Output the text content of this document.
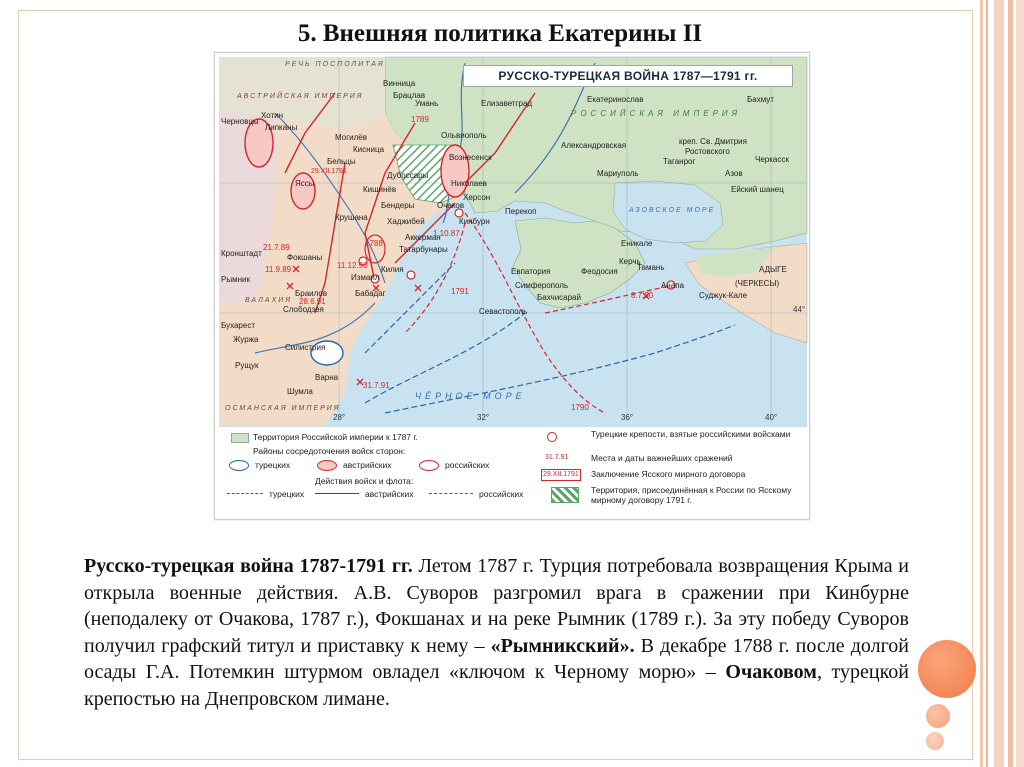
5. Внешняя политика Екатерины II
РУССКО-ТУРЕЦКАЯ ВОЙНА 1787—1791 гг.
Черновцы
Хотин
Липканы
Брацлав
Винница
Могилёв
Умань
Ольвиополь
Кисница
Бельцы
Елизаветград	Екатеринослав	Бахмут
Вознесенск
Александровская	креп. Св. Дмитрия
Ростовского
Черкасск
Таганрог
Мариуполь	Азов
Дубоссары
Яссы
Кишинёв
Бендеры
Николаев
Херсон
Очаков
Кинбурн
Перекоп
Ейский шанец
Крушана Хаджибей
Аккерман
Татарбунары
Кронштадт	Фокшаны
Рымник	Измаил
Килия
Браилов	Бабадаг
Слободзея
Бухарест
Журжа
Силистрия
Рущук
Варна
Шумла
Евпатория
Симферополь
Бахчисарай
Севастополь
Феодосия
Керчь
Еникале
Тамань
Анапа
Суджук-Кале
(ЧЕРКЕСЫ)
АДЫГЕ
ЧЁРНОЕ МОРЕ
АЗОВСКОЕ МОРЕ
РОССИЙСКАЯ ИМПЕРИЯ
АВСТРИЙСКАЯ ИМПЕРИЯ
ОСМАНСКАЯ ИМПЕРИЯ
РЕЧЬ ПОСПОЛИТАЯ
ВАЛАХИЯ
1789
1788
1791
1790
31.7.91
8.7.90
29.XII.1791
21.7.89
11.9.89	11.12.90
28.6.91
1.10.87
28°	32°	36°	40°
44°
Территория Российской империи к 1787 г.
Районы сосредоточения войск сторон:
турецких	австрийских	российских
Действия войск и флота:
турецких	австрийских	российских
Турецкие крепости, взятые российскими войсками
31.7.91	Места и даты важнейших сражений
29.XII.1791 Заключение Ясского мирного договора
Территория, присоединённая к России по Ясскому мирному договору 1791 г.
Русско-турецкая война 1787-1791 гг. Летом 1787 г. Турция потребовала возвращения Крыма и открыла военные действия. А.В. Суворов разгромил врага в сражении при Кинбурне (неподалеку от Очакова, 1787 г.), Фокшанах и на реке Рымник (1789 г.). За эту победу Суворов получил графский титул и приставку к нему – «Рымникский». В декабре 1788 г. после долгой осады Г.А. Потемкин штурмом овладел «ключом к Черному морю» – Очаковом, турецкой крепостью на Днепровском лимане.
